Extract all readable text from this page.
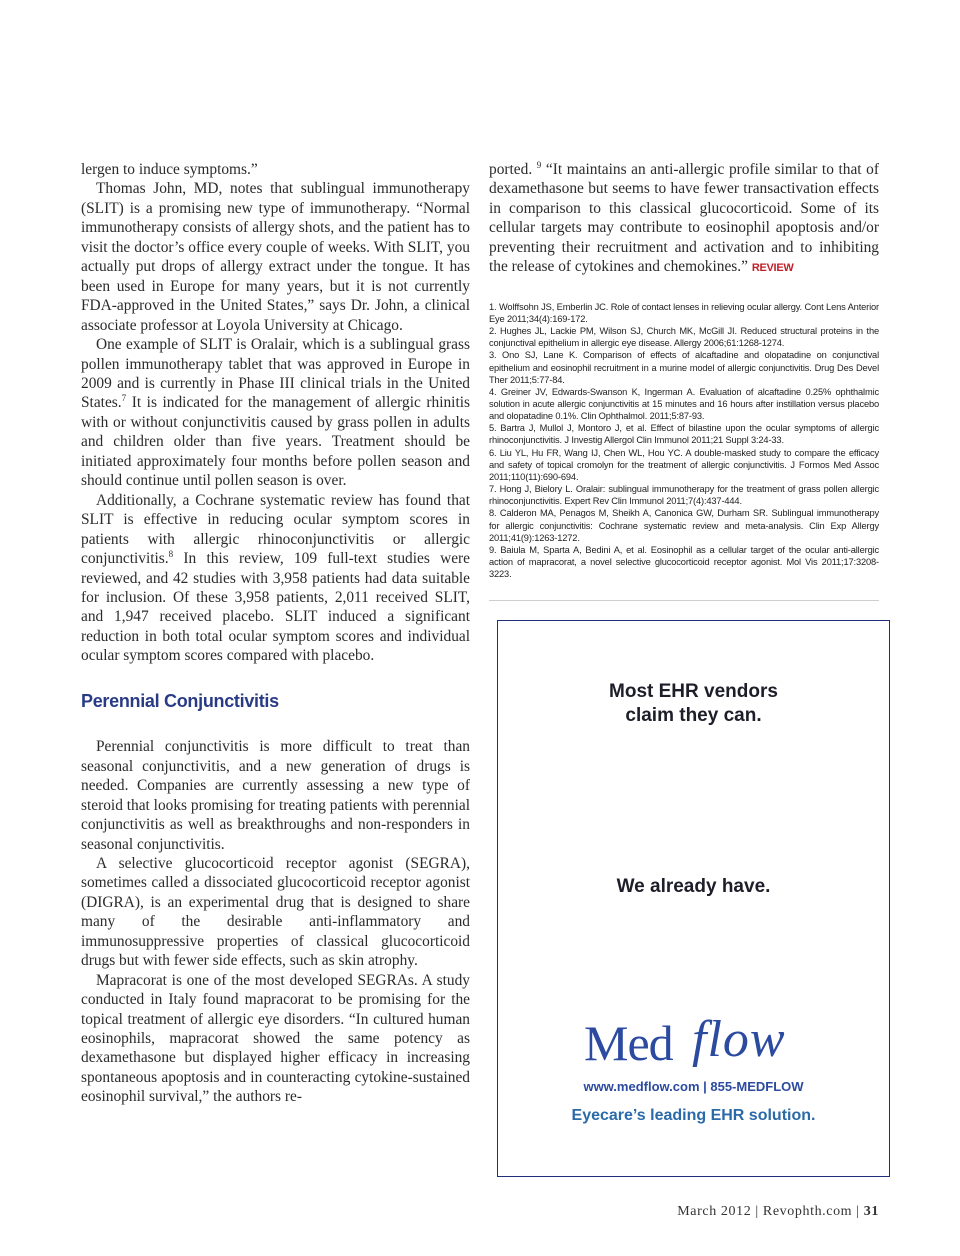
lergen to induce symptoms.”

Thomas John, MD, notes that sublingual immunotherapy (SLIT) is a promising new type of immunotherapy. “Normal immunotherapy consists of allergy shots, and the patient has to visit the doctor’s office every couple of weeks. With SLIT, you actually put drops of allergy extract under the tongue. It has been used in Europe for many years, but it is not currently FDA-approved in the United States,” says Dr. John, a clinical associate professor at Loyola University at Chicago.

One example of SLIT is Oralair, which is a sublingual grass pollen immunotherapy tablet that was approved in Europe in 2009 and is currently in Phase III clinical trials in the United States.$^7$ It is indicated for the management of allergic rhinitis with or without conjunctivitis caused by grass pollen in adults and children older than five years. Treatment should be initiated approximately four months before pollen season and should continue until pollen season is over.

Additionally, a Cochrane systematic review has found that SLIT is effective in reducing ocular symptom scores in patients with allergic rhinoconjunctivitis or allergic conjunctivitis.$^8$ In this review, 109 full-text studies were reviewed, and 42 studies with 3,958 patients had data suitable for inclusion. Of these 3,958 patients, 2,011 received SLIT, and 1,947 received placebo. SLIT induced a significant reduction in both total ocular symptom scores and individual ocular symptom scores compared with placebo.

Perennial Conjunctivitis

Perennial conjunctivitis is more difficult to treat than seasonal conjunctivitis, and a new generation of drugs is needed. Companies are currently assessing a new type of steroid that looks promising for treating patients with perennial conjunctivitis as well as breakthroughs and non-responders in seasonal conjunctivitis.

A selective glucocorticoid receptor agonist (SEGRA), sometimes called a dissociated glucocorticoid receptor agonist (DIGRA), is an experimental drug that is designed to share many of the desirable anti-inflammatory and immunosuppressive properties of classical glucocorticoid drugs but with fewer side effects, such as skin atrophy.

Mapracorat is one of the most developed SEGRAs. A study conducted in Italy found mapracorat to be promising for the topical treatment of allergic eye disorders. “In cultured human eosinophils, mapracorat showed the same potency as dexamethasone but displayed higher efficacy in increasing spontaneous apoptosis and in counteracting cytokine-sustained eosinophil survival,” the authors re-

ported. $^9$ “It maintains an anti-allergic profile similar to that of dexamethasone but seems to have fewer transactivation effects in comparison to this classical glucocorticoid. Some of its cellular targets may contribute to eosinophil apoptosis and/or preventing their recruitment and activation and to inhibiting the release of cytokines and chemokines.” REVIEW

1. Wolffsohn JS, Emberlin JC. Role of contact lenses in relieving ocular allergy. Cont Lens Anterior Eye 2011;34(4):169-172.

2. Hughes JL, Lackie PM, Wilson SJ, Church MK, McGill JI. Reduced structural proteins in the conjunctival epithelium in allergic eye disease. Allergy 2006;61:1268-1274.

3. Ono SJ, Lane K. Comparison of effects of alcaftadine and olopatadine on conjunctival epithelium and eosinophil recruitment in a murine model of allergic conjunctivitis. Drug Des Devel Ther 2011;5:77-84.

4. Greiner JV, Edwards-Swanson K, Ingerman A. Evaluation of alcaftadine 0.25% ophthalmic solution in acute allergic conjunctivitis at 15 minutes and 16 hours after instillation versus placebo and olopatadine 0.1%. Clin Ophthalmol. 2011;5:87-93.

5. Bartra J, Mullol J, Montoro J, et al. Effect of bilastine upon the ocular symptoms of allergic rhinoconjunctivitis. J Investig Allergol Clin Immunol 2011;21 Suppl 3:24-33.

6. Liu YL, Hu FR, Wang IJ, Chen WL, Hou YC. A double-masked study to compare the efficacy and safety of topical cromolyn for the treatment of allergic conjunctivitis. J Formos Med Assoc 2011;110(11):690-694.

7. Hong J, Bielory L. Oralair: sublingual immunotherapy for the treatment of grass pollen allergic rhinoconjunctivitis. Expert Rev Clin Immunol 2011;7(4):437-444.

8. Calderon MA, Penagos M, Sheikh A, Canonica GW, Durham SR. Sublingual immunotherapy for allergic conjunctivitis: Cochrane systematic review and meta-analysis. Clin Exp Allergy 2011;41(9):1263-1272.

9. Baiula M, Sparta A, Bedini A, et al. Eosinophil as a cellular target of the ocular anti-allergic action of mapracorat, a novel selective glucocorticoid receptor agonist. Mol Vis 2011;17:3208-3223.

Most EHR vendors
claim they can.
We already have.
Med flow
www.medflow.com | 855-MEDFLOW
Eyecare’s leading EHR solution.
March 2012 | Revophth.com | 31
